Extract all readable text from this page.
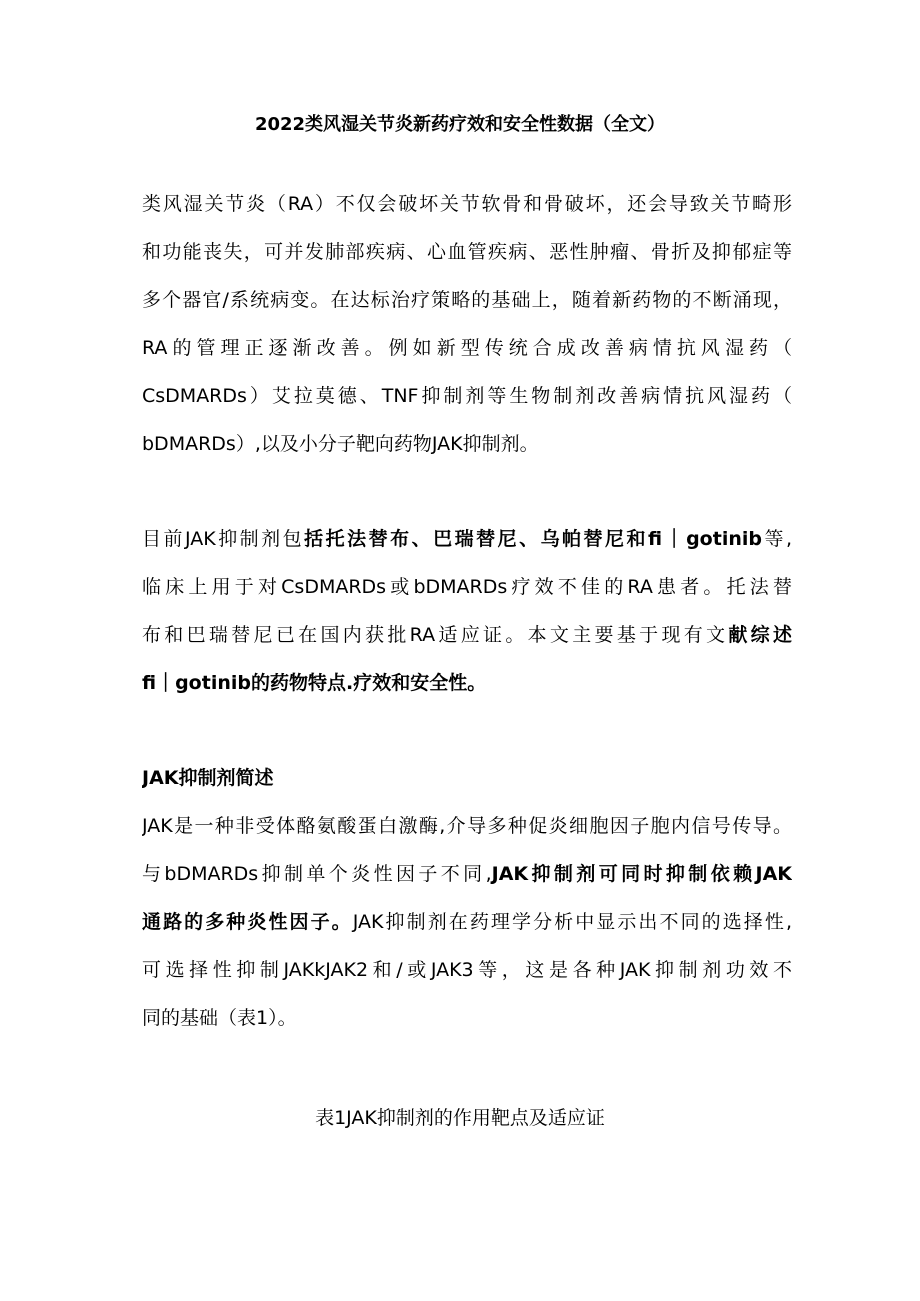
2022类风湿关节炎新药疗效和安全性数据（全文）
类风湿关节炎（RA）不仅会破坏关节软骨和骨破坏，还会导致关节畸形
和功能丧失，可并发肺部疾病、心血管疾病、恶性肿瘤、骨折及抑郁症等
多个器官/系统病变。在达标治疗策略的基础上，随着新药物的不断涌现，
RA的管理正逐渐改善。例如新型传统合成改善病情抗风湿药（
CsDMARDs）艾拉莫德、TNF抑制剂等生物制剂改善病情抗风湿药（
bDMARDs）,以及小分子靶向药物JAK抑制剂。
目前JAK抑制剂包括托法替布、巴瑞替尼、乌帕替尼和fi｜gotinib等,
临床上用于对CsDMARDs或bDMARDs疗效不佳的RA患者。托法替
布和巴瑞替尼已在国内获批RA适应证。本文主要基于现有文献综述
fi｜gotinib的药物特点.疗效和安全性。
JAK抑制剂简述
JAK是一种非受体酪氨酸蛋白激酶,介导多种促炎细胞因子胞内信号传导。
与bDMARDs抑制单个炎性因子不同,JAK抑制剂可同时抑制依赖JAK
通路的多种炎性因子。JAK抑制剂在药理学分析中显示出不同的选择性,
可选择性抑制JAKkJAK2和/或JAK3等，这是各种JAK抑制剂功效不
同的基础（表1）。

表1JAK抑制剂的作用靶点及适应证
